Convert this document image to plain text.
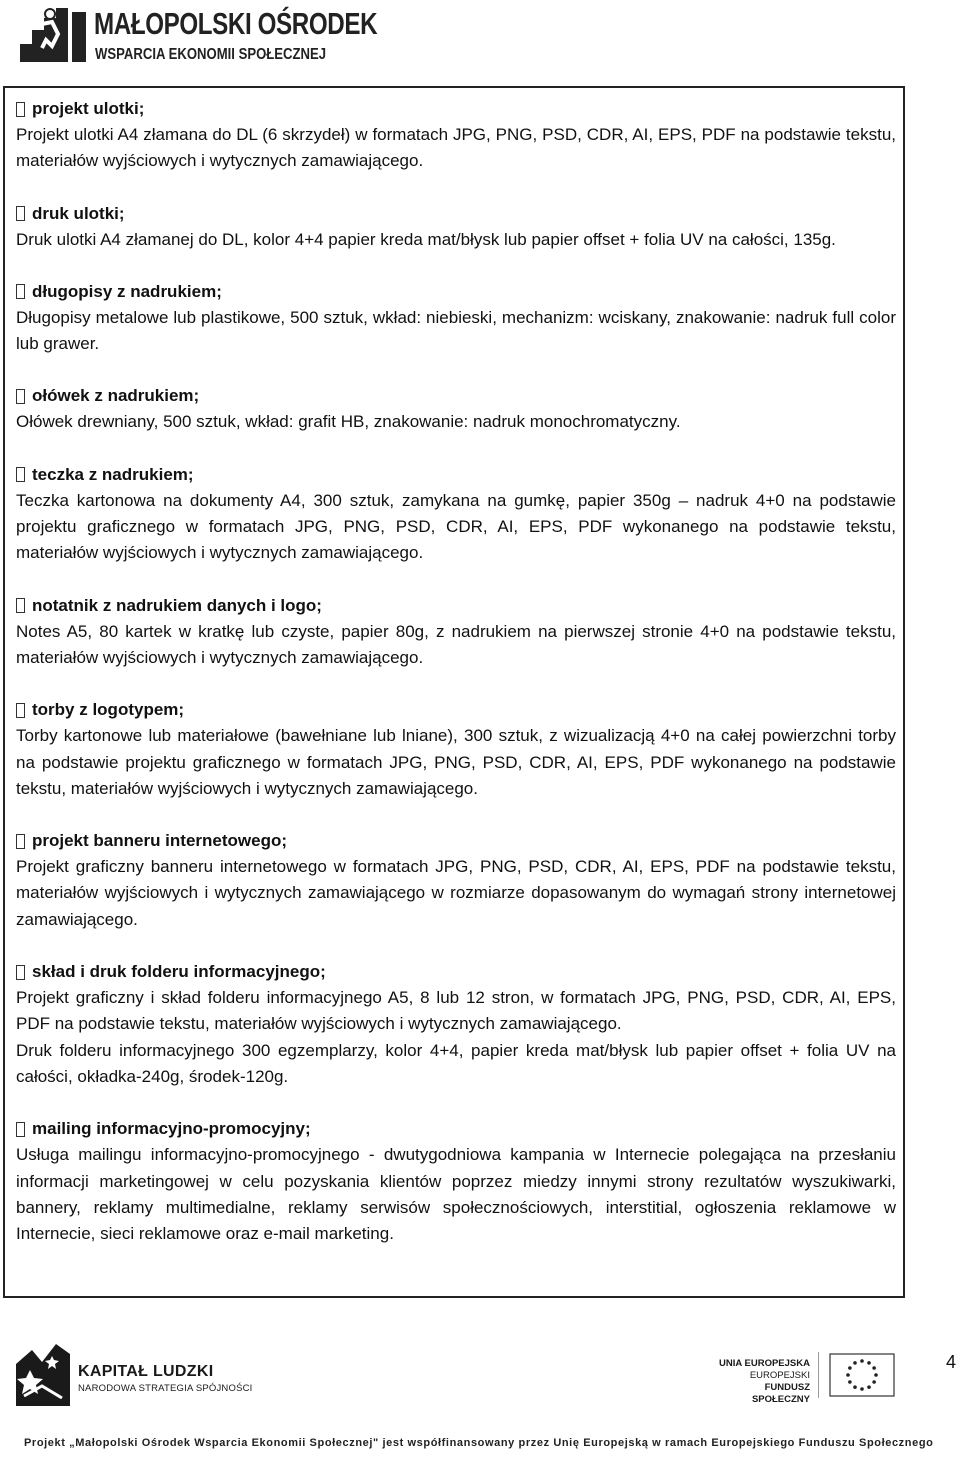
MAŁOPOLSKI OŚRODEK
WSPARCIA EKONOMII SPOŁECZNEJ
projekt ulotki;

Projekt ulotki A4 złamana do DL (6 skrzydeł) w formatach JPG, PNG, PSD, CDR, AI, EPS, PDF na podstawie tekstu, materiałów wyjściowych i wytycznych zamawiającego.

druk ulotki;

Druk ulotki A4 złamanej do DL, kolor 4+4 papier kreda mat/błysk lub papier offset + folia UV na całości, 135g.

długopisy z nadrukiem;

Długopisy metalowe lub plastikowe, 500 sztuk, wkład: niebieski, mechanizm: wciskany, znakowanie: nadruk full color lub grawer.

ołówek z nadrukiem;

Ołówek drewniany, 500 sztuk, wkład: grafit HB, znakowanie: nadruk monochromatyczny.

teczka z nadrukiem;

Teczka kartonowa na dokumenty A4, 300 sztuk, zamykana na gumkę, papier 350g – nadruk 4+0 na podstawie projektu graficznego w formatach JPG, PNG, PSD, CDR, AI, EPS, PDF wykonanego na podstawie tekstu, materiałów wyjściowych i wytycznych zamawiającego.

notatnik z nadrukiem danych i logo;

Notes A5, 80 kartek w kratkę lub czyste, papier 80g, z nadrukiem na pierwszej stronie 4+0 na podstawie tekstu, materiałów wyjściowych i wytycznych zamawiającego.

torby z logotypem;

Torby kartonowe lub materiałowe (bawełniane lub lniane), 300 sztuk, z wizualizacją 4+0 na całej powierzchni torby na podstawie projektu graficznego w formatach JPG, PNG, PSD, CDR, AI, EPS, PDF wykonanego na podstawie tekstu, materiałów wyjściowych i wytycznych zamawiającego.

projekt banneru internetowego;

Projekt graficzny banneru internetowego w formatach JPG, PNG, PSD, CDR, AI, EPS, PDF na podstawie tekstu, materiałów wyjściowych i wytycznych zamawiającego w rozmiarze dopasowanym do wymagań strony internetowej zamawiającego.

skład i druk folderu informacyjnego;

Projekt graficzny i skład folderu informacyjnego A5, 8 lub 12 stron, w formatach JPG, PNG, PSD, CDR, AI, EPS, PDF na podstawie tekstu, materiałów wyjściowych i wytycznych zamawiającego.

Druk folderu informacyjnego 300 egzemplarzy, kolor 4+4, papier kreda mat/błysk lub papier offset + folia UV na całości, okładka-240g, środek-120g.

mailing informacyjno-promocyjny;

Usługa mailingu informacyjno-promocyjnego - dwutygodniowa kampania w Internecie polegająca na przesłaniu informacji marketingowej w celu pozyskania klientów poprzez miedzy innymi strony rezultatów wyszukiwarki, bannery, reklamy multimedialne, reklamy serwisów społecznościowych, interstitial, ogłoszenia reklamowe w Internecie, sieci reklamowe oraz e-mail marketing.

KAPITAŁ LUDZKI
NARODOWA STRATEGIA SPÓJNOŚCI
UNIA EUROPEJSKA
EUROPEJSKI
FUNDUSZ SPOŁECZNY
4
Projekt „Małopolski Ośrodek Wsparcia Ekonomii Społecznej" jest współfinansowany przez Unię Europejską w ramach Europejskiego Funduszu Społecznego
